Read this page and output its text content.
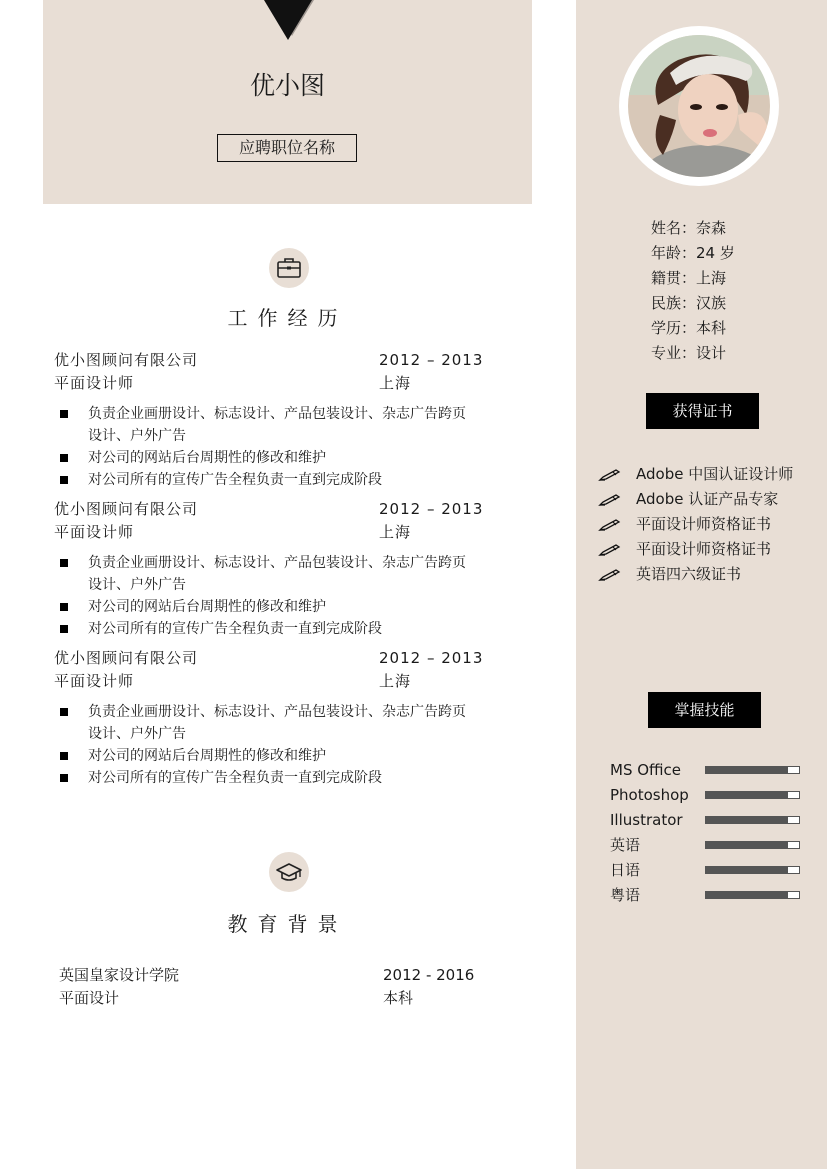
优小图
应聘职位名称
姓名：奈森
年龄：24 岁
籍贯：上海
民族：汉族
学历：本科
专业：设计
获得证书
Adobe 中国认证设计师
Adobe 认证产品专家
平面设计师资格证书
平面设计师资格证书
英语四六级证书
掌握技能
MS Office
Photoshop
Illustrator
英语
日语
粤语
工作经历
优小图顾问有限公司	2012 – 2013
平面设计师	上海
负责企业画册设计、标志设计、产品包装设计、杂志广告跨页设计、户外广告
对公司的网站后台周期性的修改和维护
对公司所有的宣传广告全程负责一直到完成阶段
优小图顾问有限公司	2012 – 2013
平面设计师	上海
负责企业画册设计、标志设计、产品包装设计、杂志广告跨页设计、户外广告
对公司的网站后台周期性的修改和维护
对公司所有的宣传广告全程负责一直到完成阶段
优小图顾问有限公司	2012 – 2013
平面设计师	上海
负责企业画册设计、标志设计、产品包装设计、杂志广告跨页设计、户外广告
对公司的网站后台周期性的修改和维护
对公司所有的宣传广告全程负责一直到完成阶段
教育背景
英国皇家设计学院	2012 - 2016
平面设计	本科
